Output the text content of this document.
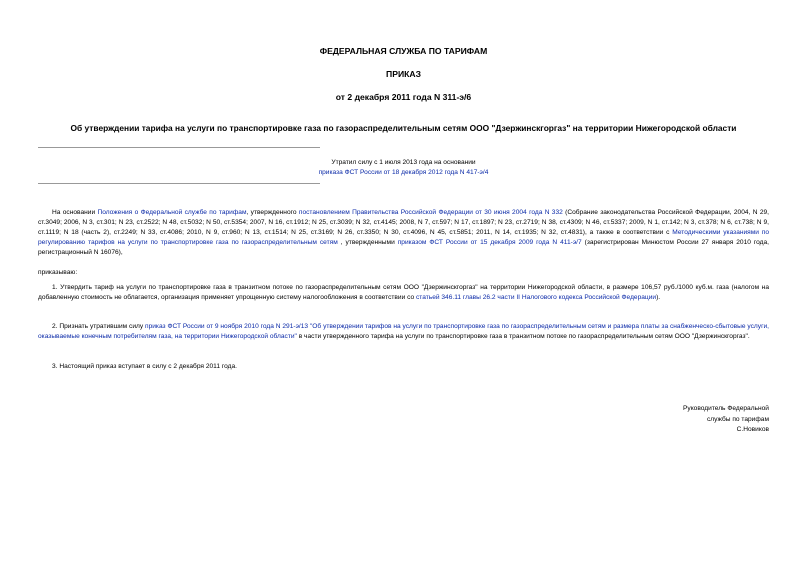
ФЕДЕРАЛЬНАЯ СЛУЖБА ПО ТАРИФАМ
ПРИКАЗ
от 2 декабря 2011 года N 311-э/6
Об утверждении тарифа на услуги по транспортировке газа по газораспределительным сетям ООО "Дзержинскгоргаз" на территории Нижегородской области
Утратил силу с 1 июля 2013 года на основании
приказа ФСТ России от 18 декабря 2012 года N 417-э/4
На основании Положения о Федеральной службе по тарифам, утвержденного постановлением Правительства Российской Федерации от 30 июня 2004 года N 332 (Собрание законодательства Российской Федерации, 2004, N 29, ст.3049; 2006, N 3, ст.301; N 23, ст.2522; N 48, ст.5032; N 50, ст.5354; 2007, N 16, ст.1912; N 25, ст.3039; N 32, ст.4145; 2008, N 7, ст.597; N 17, ст.1897; N 23, ст.2719; N 38, ст.4309; N 46, ст.5337; 2009, N 1, ст.142; N 3, ст.378; N 6, ст.738; N 9, ст.1119; N 18 (часть 2), ст.2249; N 33, ст.4086; 2010, N 9, ст.960; N 13, ст.1514; N 25, ст.3169; N 26, ст.3350; N 30, ст.4096, N 45, ст.5851; 2011, N 14, ст.1935; N 32, ст.4831), а также в соответствии с Методическими указаниями по регулированию тарифов на услуги по транспортировке газа по газораспределительным сетям , утвержденными приказом ФСТ России от 15 декабря 2009 года N 411-э/7 (зарегистрирован Минюстом России 27 января 2010 года, регистрационный N 16076),
приказываю:
1. Утвердить тариф на услуги по транспортировке газа в транзитном потоке по газораспределительным сетям ООО "Дзержинскгоргаз" на территории Нижегородской области, в размере 106,57 руб./1000 куб.м. газа (налогом на добавленную стоимость не облагается, организация применяет упрощенную систему налогообложения в соответствии со статьей 346.11 главы 26.2 части II Налогового кодекса Российской Федерации).
2. Признать утратившим силу приказ ФСТ России от 9 ноября 2010 года N 291-э/13 "Об утверждении тарифов на услуги по транспортировке газа по газораспределительным сетям и размера платы за снабженческо-сбытовые услуги, оказываемые конечным потребителям газа, на территории Нижегородской области" в части утвержденного тарифа на услуги по транспортировке газа в транзитном потоке по газораспределительным сетям ООО "Дзержинскгоргаз".
3. Настоящий приказ вступает в силу с 2 декабря 2011 года.
Руководитель Федеральной
службы по тарифам
С.Новиков
